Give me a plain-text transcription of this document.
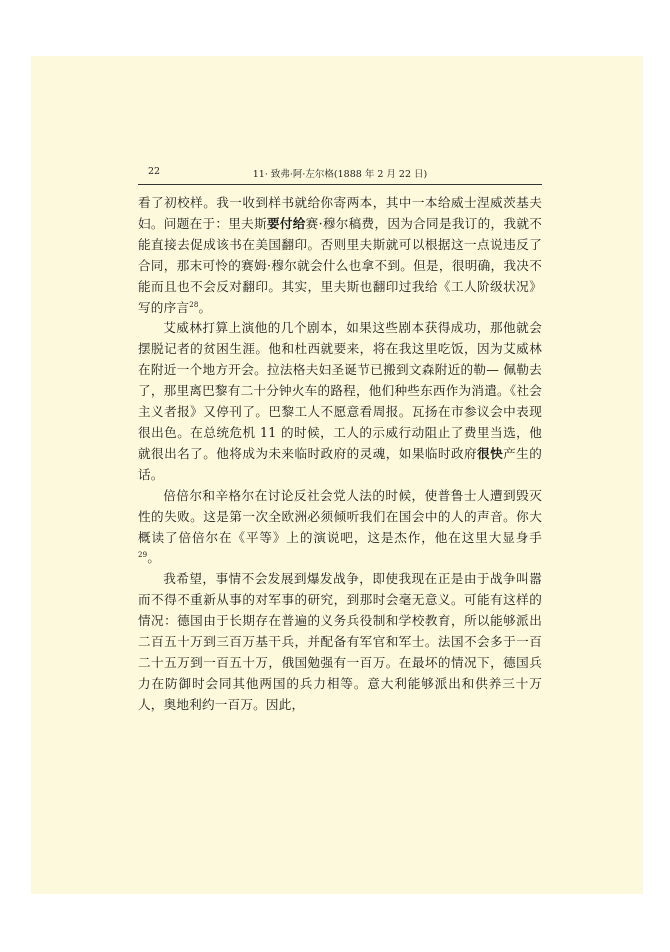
22	11· 致弗·阿·左尔格(1888 年 2 月 22 日)

看了初校样。我一收到样书就给你寄两本，其中一本给威士涅威茨基夫妇。问题在于：里夫斯要付给赛·穆尔稿费，因为合同是我订的，我就不能直接去促成该书在美国翻印。否则里夫斯就可以根据这一点说违反了合同，那末可怜的赛姆·穆尔就会什么也拿不到。但是，很明确，我决不能而且也不会反对翻印。其实，里夫斯也翻印过我给《工人阶级状况》写的序言$^{28}$。

艾威林打算上演他的几个剧本，如果这些剧本获得成功，那他就会摆脱记者的贫困生涯。他和杜西就要来，将在我这里吃饭，因为艾威林在附近一个地方开会。拉法格夫妇圣诞节已搬到文森附近的勒— 佩勒去了，那里离巴黎有二十分钟火车的路程，他们种些东西作为消遣。《社会主义者报》又停刊了。巴黎工人不愿意看周报。瓦扬在市参议会中表现很出色。在总统危机 11 的时候，工人的示威行动阻止了费里当选，他就很出名了。他将成为未来临时政府的灵魂，如果临时政府很快产生的话。

倍倍尔和辛格尔在讨论反社会党人法的时候，使普鲁士人遭到毁灭性的失败。这是第一次全欧洲必须倾听我们在国会中的人的声音。你大概读了倍倍尔在《平等》上的演说吧，这是杰作，他在这里大显身手$^{29}$。

我希望，事情不会发展到爆发战争，即使我现在正是由于战争叫嚣而不得不重新从事的对军事的研究，到那时会毫无意义。可能有这样的情况：德国由于长期存在普遍的义务兵役制和学校教育，所以能够派出二百五十万到三百万基干兵，并配备有军官和军士。法国不会多于一百二十五万到一百五十万，俄国勉强有一百万。在最坏的情况下，德国兵力在防御时会同其他两国的兵力相等。意大利能够派出和供养三十万人，奥地利约一百万。因此，
